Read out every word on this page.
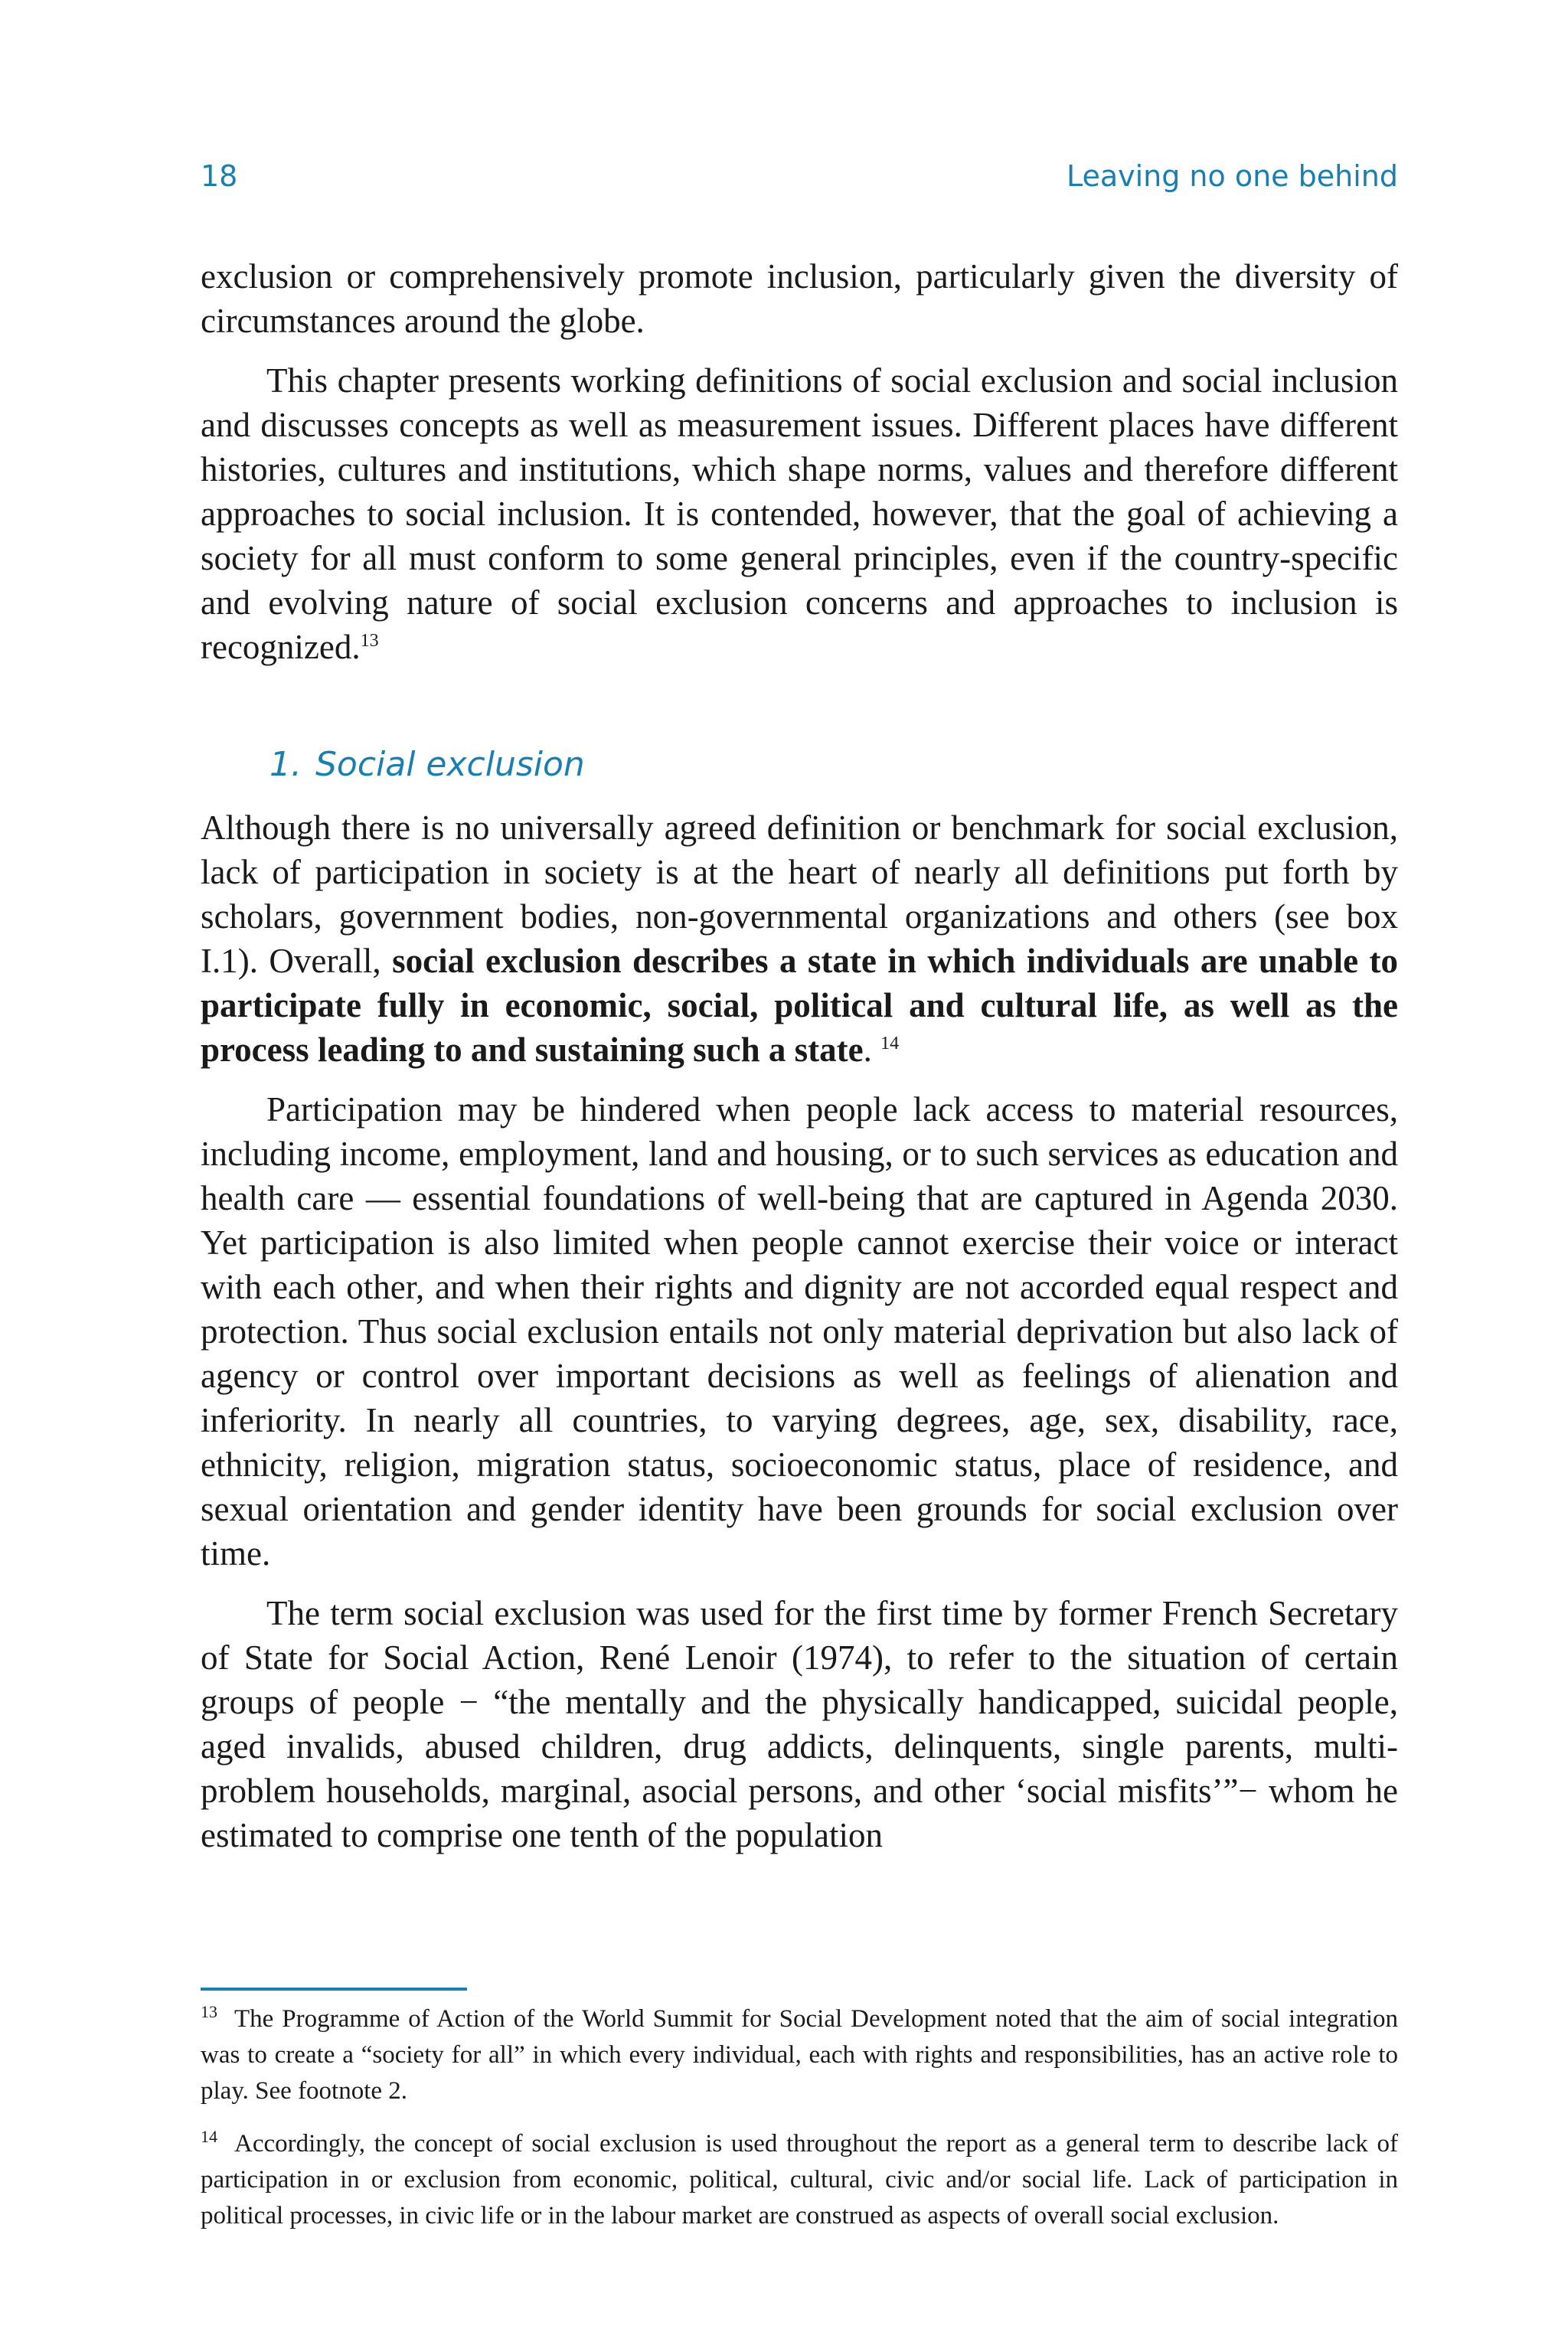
18	Leaving no one behind

exclusion or comprehensively promote inclusion, particularly given the diversity of circumstances around the globe.

This chapter presents working definitions of social exclusion and social inclusion and discusses concepts as well as measurement issues. Different places have different histories, cultures and institutions, which shape norms, values and therefore different approaches to social inclusion. It is contended, however, that the goal of achieving a society for all must conform to some general principles, even if the country-specific and evolving nature of social exclusion concerns and approaches to inclusion is recognized.$^{13}$

1. Social exclusion

Although there is no universally agreed definition or benchmark for social exclusion, lack of participation in society is at the heart of nearly all definitions put forth by scholars, government bodies, non-governmental organizations and others (see box I.1). Overall, social exclusion describes a state in which individuals are unable to participate fully in economic, social, political and cultural life, as well as the process leading to and sustaining such a state. $^{14}$

Participation may be hindered when people lack access to material resources, including income, employment, land and housing, or to such services as education and health care — essential foundations of well-being that are captured in Agenda 2030. Yet participation is also limited when people cannot exercise their voice or interact with each other, and when their rights and dignity are not accorded equal respect and protection. Thus social exclusion entails not only material deprivation but also lack of agency or control over important decisions as well as feelings of alienation and inferiority. In nearly all countries, to varying degrees, age, sex, disability, race, ethnicity, religion, migration status, socioeconomic status, place of residence, and sexual orientation and gender identity have been grounds for social exclusion over time.

The term social exclusion was used for the first time by former French Secretary of State for Social Action, René Lenoir (1974), to refer to the situation of certain groups of people − “the mentally and the physically handicapped, suicidal people, aged invalids, abused children, drug addicts, delinquents, single parents, multi-problem households, marginal, asocial persons, and other ‘social misfits’”− whom he estimated to comprise one tenth of the population

13 The Programme of Action of the World Summit for Social Development noted that the aim of social integration was to create a “society for all” in which every individual, each with rights and responsibilities, has an active role to play. See footnote 2.

14 Accordingly, the concept of social exclusion is used throughout the report as a general term to describe lack of participation in or exclusion from economic, political, cultural, civic and/or social life. Lack of participation in political processes, in civic life or in the labour market are construed as aspects of overall social exclusion.
